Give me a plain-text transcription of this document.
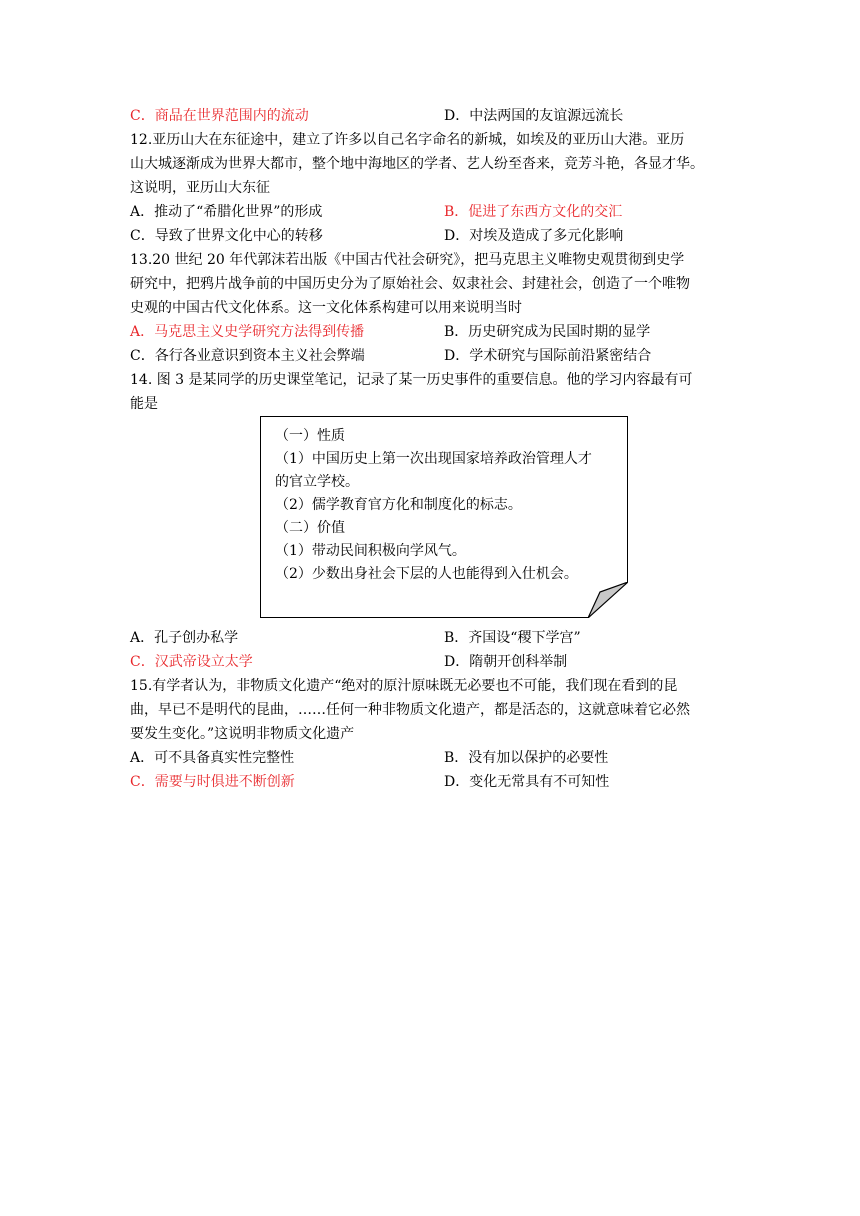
C．商品在世界范围内的流动	D．中法两国的友谊源远流长
12.亚历山大在东征途中，建立了许多以自己名字命名的新城，如埃及的亚历山大港。亚历
山大城逐渐成为世界大都市，整个地中海地区的学者、艺人纷至沓来，竞芳斗艳，各显才华。
这说明，亚历山大东征
A．推动了“希腊化世界”的形成	B．促进了东西方文化的交汇
C．导致了世界文化中心的转移	D．对埃及造成了多元化影响
13.20 世纪 20 年代郭沫若出版《中国古代社会研究》，把马克思主义唯物史观贯彻到史学
研究中，把鸦片战争前的中国历史分为了原始社会、奴隶社会、封建社会，创造了一个唯物
史观的中国古代文化体系。这一文化体系构建可以用来说明当时
A．马克思主义史学研究方法得到传播	B．历史研究成为民国时期的显学
C．各行各业意识到资本主义社会弊端	D．学术研究与国际前沿紧密结合
14. 图 3 是某同学的历史课堂笔记，记录了某一历史事件的重要信息。他的学习内容最有可
能是
（一）性质
（1）中国历史上第一次出现国家培养政治管理人才
的官立学校。
（2）儒学教育官方化和制度化的标志。
（二）价值
（1）带动民间积极向学风气。
（2）少数出身社会下层的人也能得到入仕机会。
A．孔子创办私学	B．齐国设“稷下学宫”
C．汉武帝设立太学	D．隋朝开创科举制
15.有学者认为，非物质文化遗产“绝对的原汁原味既无必要也不可能，我们现在看到的昆
曲，早已不是明代的昆曲，……任何一种非物质文化遗产，都是活态的，这就意味着它必然
要发生变化。”这说明非物质文化遗产
A．可不具备真实性完整性	B．没有加以保护的必要性
C．需要与时俱进不断创新	D．变化无常具有不可知性
